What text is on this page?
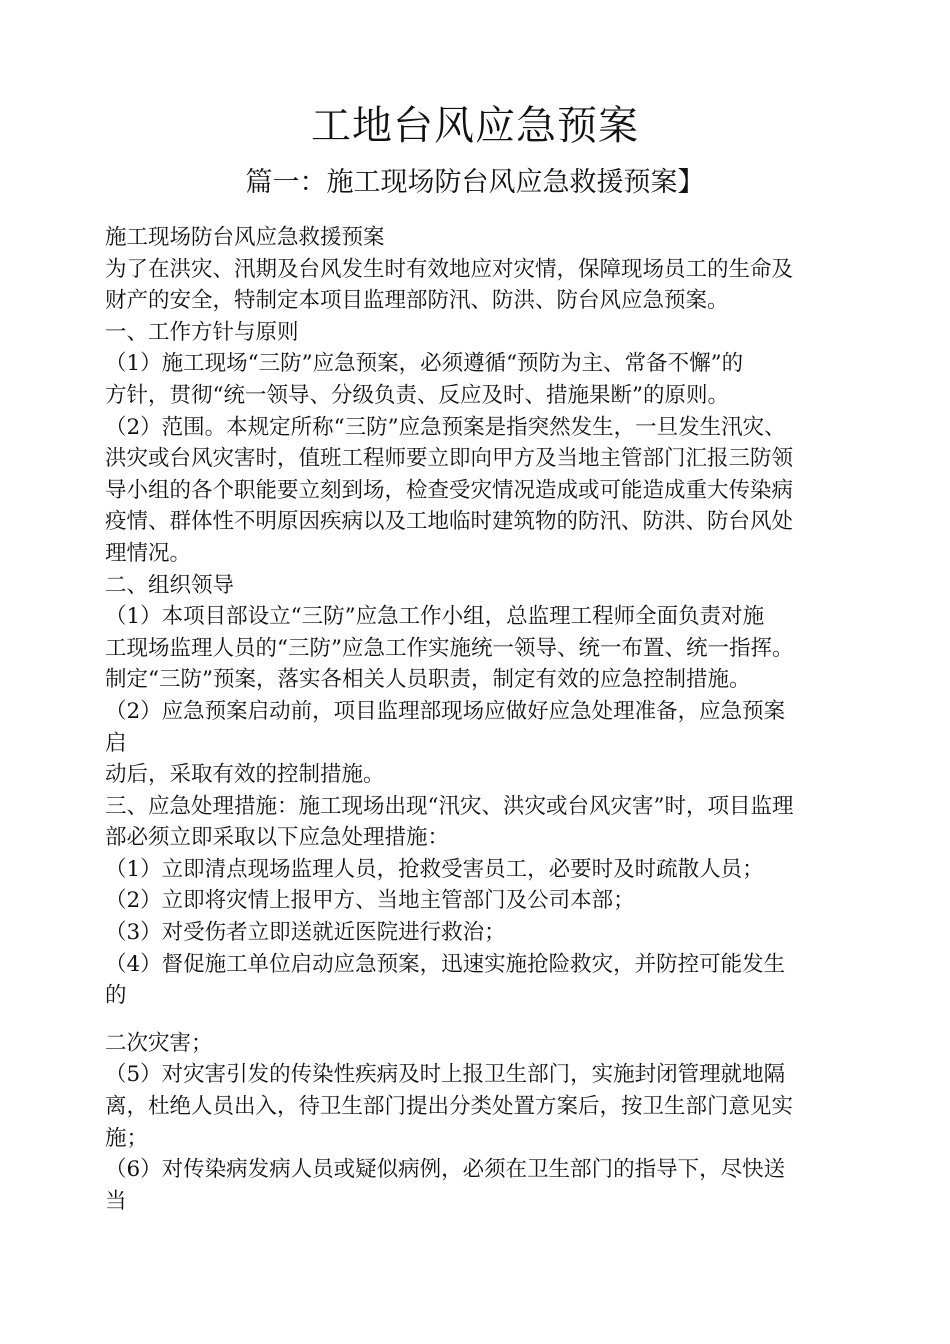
工地台风应急预案
篇一：施工现场防台风应急救援预案】
施工现场防台风应急救援预案
为了在洪灾、汛期及台风发生时有效地应对灾情，保障现场员工的生命及
财产的安全，特制定本项目监理部防汛、防洪、防台风应急预案。
一、工作方针与原则
（1）施工现场“三防”应急预案，必须遵循“预防为主、常备不懈”的
方针，贯彻“统一领导、分级负责、反应及时、措施果断”的原则。
（2）范围。本规定所称“三防”应急预案是指突然发生，一旦发生汛灾、
洪灾或台风灾害时，值班工程师要立即向甲方及当地主管部门汇报三防领
导小组的各个职能要立刻到场，检查受灾情况造成或可能造成重大传染病
疫情、群体性不明原因疾病以及工地临时建筑物的防汛、防洪、防台风处
理情况。
二、组织领导
（1）本项目部设立“三防”应急工作小组，总监理工程师全面负责对施
工现场监理人员的“三防”应急工作实施统一领导、统一布置、统一指挥。
制定“三防”预案，落实各相关人员职责，制定有效的应急控制措施。
（2）应急预案启动前，项目监理部现场应做好应急处理准备，应急预案
启
动后，采取有效的控制措施。
三、应急处理措施：施工现场出现“汛灾、洪灾或台风灾害”时，项目监理
部必须立即采取以下应急处理措施：
（1）立即清点现场监理人员，抢救受害员工，必要时及时疏散人员；
（2）立即将灾情上报甲方、当地主管部门及公司本部；
（3）对受伤者立即送就近医院进行救治；
（4）督促施工单位启动应急预案，迅速实施抢险救灾，并防控可能发生
的
二次灾害；
（5）对灾害引发的传染性疾病及时上报卫生部门，实施封闭管理就地隔
离，杜绝人员出入，待卫生部门提出分类处置方案后，按卫生部门意见实
施；
（6）对传染病发病人员或疑似病例，必须在卫生部门的指导下，尽快送
当
